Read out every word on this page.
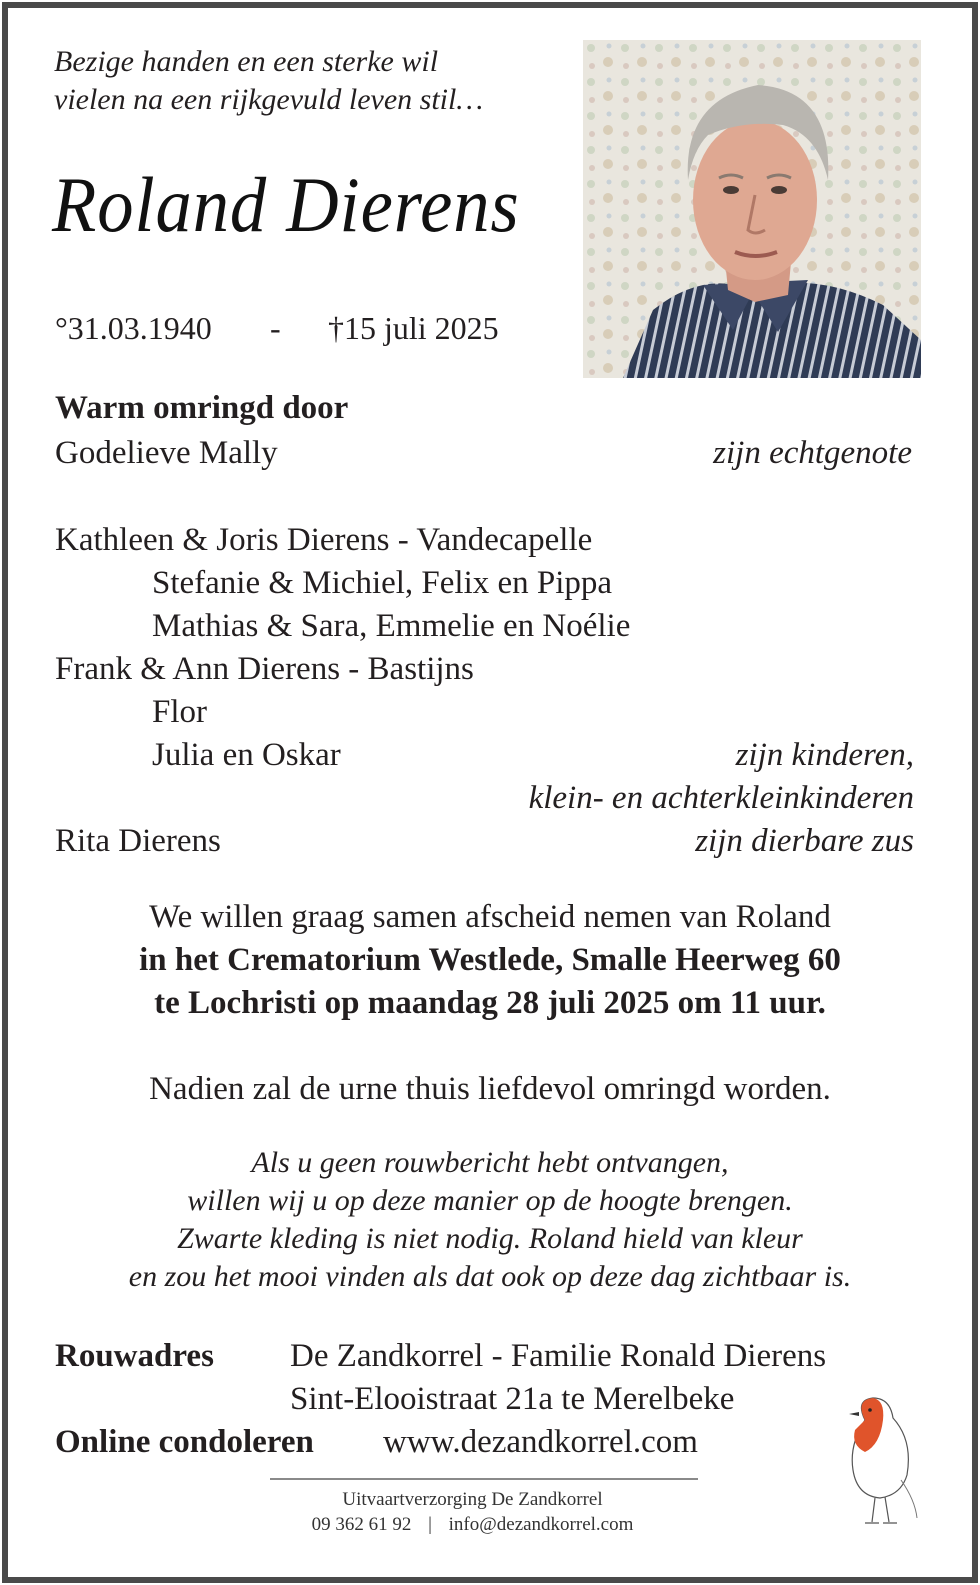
Bezige handen en een sterke wil
vielen na een rijkgevuld leven stil…
Roland Dierens
°31.03.1940 - †15 juli 2025
Warm omringd door
Godelieve Mally	zijn echtgenote
Kathleen & Joris Dierens - Vandecapelle
Stefanie & Michiel, Felix en Pippa
Mathias & Sara, Emmelie en Noélie
Frank & Ann Dierens - Bastijns
Flor
Julia en Oskar	zijn kinderen,
klein- en achterkleinkinderen
Rita Dierens	zijn dierbare zus
We willen graag samen afscheid nemen van Roland
in het Crematorium Westlede, Smalle Heerweg 60
te Lochristi op maandag 28 juli 2025 om 11 uur.
Nadien zal de urne thuis liefdevol omringd worden.
Als u geen rouwbericht hebt ontvangen,
willen wij u op deze manier op de hoogte brengen.
Zwarte kleding is niet nodig. Roland hield van kleur
en zou het mooi vinden als dat ook op deze dag zichtbaar is.
Rouwadres De Zandkorrel - Familie Ronald Dierens
Sint-Elooistraat 21a te Merelbeke
Online condoleren www.dezandkorrel.com
Uitvaartverzorging De Zandkorrel
09 362 61 92 | info@dezandkorrel.com
